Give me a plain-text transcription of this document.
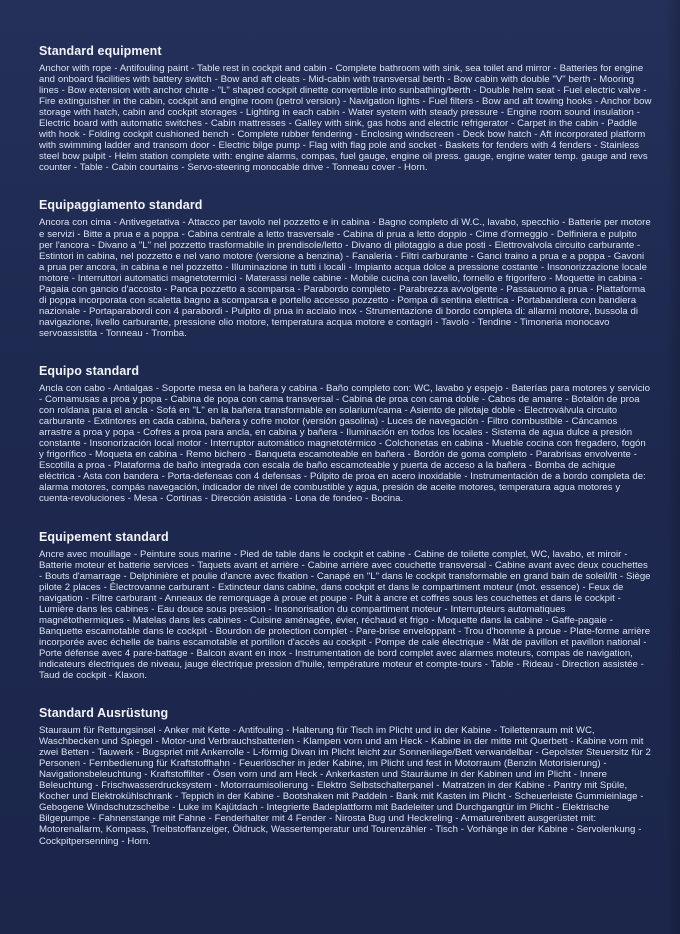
Standard equipment

Anchor with rope - Antifouling paint - Table rest in cockpit and cabin - Complete bathroom with sink, sea toilet and mirror - Batteries for engine and onboard facilities with battery switch - Bow and aft cleats - Mid-cabin with transversal berth - Bow cabin with double "V" berth - Mooring lines - Bow extension with anchor chute - "L" shaped cockpit dinette convertible into sunbathing/berth - Double helm seat - Fuel electric valve - Fire extinguisher in the cabin, cockpit and engine room (petrol version) - Navigation lights - Fuel filters - Bow and aft towing hooks - Anchor bow storage with hatch, cabin and cockpit storages - Lighting in each cabin - Water system with steady pressure - Engine room sound insulation - Electric board with automatic switches - Cabin mattresses - Galley with sink, gas hobs and electric refrigerator - Carpet in the cabin - Paddle with hook - Folding cockpit cushioned bench - Complete rubber fendering - Enclosing windscreen - Deck bow hatch - Aft incorporated platform with swimming ladder and transom door - Electric bilge pump - Flag with flag pole and socket - Baskets for fenders with 4 fenders - Stainless steel bow pulpit - Helm station complete with: engine alarms, compas, fuel gauge, engine oil press. gauge, engine water temp. gauge and revs counter - Table - Cabin courtains - Servo-steering monocable drive - Tonneau cover - Horn.

Equipaggiamento standard

Ancora con cima - Antivegetativa - Attacco per tavolo nel pozzetto e in cabina - Bagno completo di W.C., lavabo, specchio - Batterie per motore e servizi - Bitte a prua e a poppa - Cabina centrale a letto trasversale - Cabina di prua a letto doppio - Cime d'ormeggio - Delfiniera e pulpito per l'ancora - Divano a "L" nel pozzetto trasformabile in prendisole/letto - Divano di pilotaggio a due posti - Elettrovalvola circuito carburante - Estintori in cabina, nel pozzetto e nel vano motore (versione a benzina) - Fanaleria - Filtri carburante - Ganci traino a prua e a poppa - Gavoni a prua per ancora, in cabina e nel pozzetto - Illuminazione in tutti i locali - Impianto acqua dolce a pressione costante - Insonorizzazione locale motore - Interruttori automatici magnetotermici - Materassi nelle cabine - Mobile cucina con lavello, fornello e frigorifero - Moquette in cabina - Pagaia con gancio d'accosto - Panca pozzetto a scomparsa - Parabordo completo - Parabrezza avvolgente - Passauomo a prua - Piattaforma di poppa incorporata con scaletta bagno a scomparsa e portello accesso pozzetto - Pompa di sentina elettrica - Portabandiera con bandiera nazionale - Portaparabordi con 4 parabordi - Pulpito di prua in acciaio inox - Strumentazione di bordo completa di: allarmi motore, bussola di navigazione, livello carburante, pressione olio motore, temperatura acqua motore e contagiri - Tavolo - Tendine - Timoneria monocavo servoassistita - Tonneau - Tromba.

Equipo standard

Ancla con cabo - Antialgas - Soporte mesa en la bañera y cabina - Baño completo con: WC, lavabo y espejo - Baterías para motores y servicio - Cornamusas a proa y popa - Cabina de popa con cama transversal - Cabina de proa con cama doble - Cabos de amarre - Botalón de proa con roldana para el ancla - Sofá en "L" en la bañera transformable en solarium/cama - Asiento de pilotaje doble - Electroválvula circuito carburante - Extintores en cada cabina, bañera y cofre motor (versión gasolina) - Luces de navegación - Filtro combustible - Cáncamos arrastre a proa y popa - Cofres a proa para ancla, en cabina y bañera - Iluminación en todos los locales - Sistema de agua dulce a presión constante - Insonorización local motor - Interruptor automático magnetotérmico - Colchonetas en cabina - Mueble cocina con fregadero, fogón y frigorífico - Moqueta en cabina - Remo bichero - Banqueta escamoteable en bañera - Bordón de goma completo - Parabrisas envolvente - Escotilla a proa - Plataforma de baño integrada con escala de baño escamoteable y puerta de acceso a la bañera - Bomba de achique eléctrica - Asta con bandera - Porta-defensas con 4 defensas - Púlpito de proa en acero inoxidable - Instrumentación de a bordo completa de: alarma motores, compás navegación, indicador de nivel de combustible y agua, presión de aceite motores, temperatura agua motores y cuenta-revoluciones - Mesa - Cortinas - Dirección asistida - Lona de fondeo - Bocina.

Equipement standard

Ancre avec mouillage - Peinture sous marine - Pied de table dans le cockpit et cabine - Cabine de toilette complet, WC, lavabo, et miroir - Batterie moteur et batterie services - Taquets avant et arrière - Cabine arrière avec couchette transversal - Cabine avant avec deux couchettes - Bouts d'amarrage - Delphinière et poulie d'ancre avec fixation - Canapé en "L" dans le cockpit transformable en grand bain de soleil/lit - Siège pilote 2 places - Électrovanne carburant - Extincteur dans cabine, dans cockpit et dans le compartiment moteur (mot. essence) - Feux de navigation - Filtre carburant - Anneaux de remorquage à proue et poupe - Puit à ancre et coffres sous les couchettes et dans le cockpit - Lumière dans les cabines - Eau douce sous pression - Insonorisation du compartiment moteur - Interrupteurs automatiques magnétothermiques - Matelas dans les cabines - Cuisine aménagée, évier, réchaud et frigo - Moquette dans la cabine - Gaffe-pagaie - Banquette escamotable dans le cockpit - Bourdon de protection complet - Pare-brise enveloppant - Trou d'homme à proue - Plate-forme arrière incorporée avec échelle de bains escamotable et portillon d'accès au cockpit - Pompe de cale électrique - Mât de pavillon et pavillon national - Porte défense avec 4 pare-battage - Balcon avant en inox - Instrumentation de bord complet avec alarmes moteurs, compas de navigation, indicateurs électriques de niveau, jauge électrique pression d'huile, température moteur et compte-tours - Table - Rideau - Direction assistée - Taud de cockpit - Klaxon.

Standard Ausrüstung

Stauraum für Rettungsinsel - Anker mit Kette - Antifouling - Halterung für Tisch im Plicht und in der Kabine - Toilettenraum mit WC, Waschbecken und Spiegel - Motor-und Verbrauchsbatterien - Klampen vorn und am Heck - Kabine in der mitte mit Querbett - Kabine vorn mit zwei Betten - Tauwerk - Bugspriet mit Ankerrolle - L-förmig Divan im Plicht leicht zur Sonnenliege/Bett verwandelbar - Gepolster Steuersitz für 2 Personen - Fernbedienung für Kraftstoffhahn - Feuerlöscher in jeder Kabine, im Plicht und fest in Motorraum (Benzin Motorisierung) - Navigationsbeleuchtung - Kraftstoffilter - Ösen vorn und am Heck - Ankerkasten und Stauräume in der Kabinen und im Plicht - Innere Beleuchtung - Frischwasserdrucksystem - Motorraumisolierung - Elektro Selbstschalterpanel - Matratzen in der Kabine - Pantry mit Spüle, Kocher und Elektrokühlschrank - Teppich in der Kabine - Bootshaken mit Paddeln - Bank mit Kasten im Plicht - Scheuerleiste Gummieinlage - Gebogene Windschutzscheibe - Luke im Kajütdach - Integrierte Badeplattform mit Badeleiter und Durchgangtür im Plicht - Elektrische Bilgepumpe - Fahnenstange mit Fahne - Fenderhalter mit 4 Fender - Nirosta Bug und Heckreling - Armaturenbrett ausgerüstet mit: Motorenallarm, Kompass, Treibstoffanzeiger, Öldruck, Wassertemperatur und Tourenzähler - Tisch - Vorhänge in der Kabine - Servolenkung - Cockpitpersenning - Horn.
